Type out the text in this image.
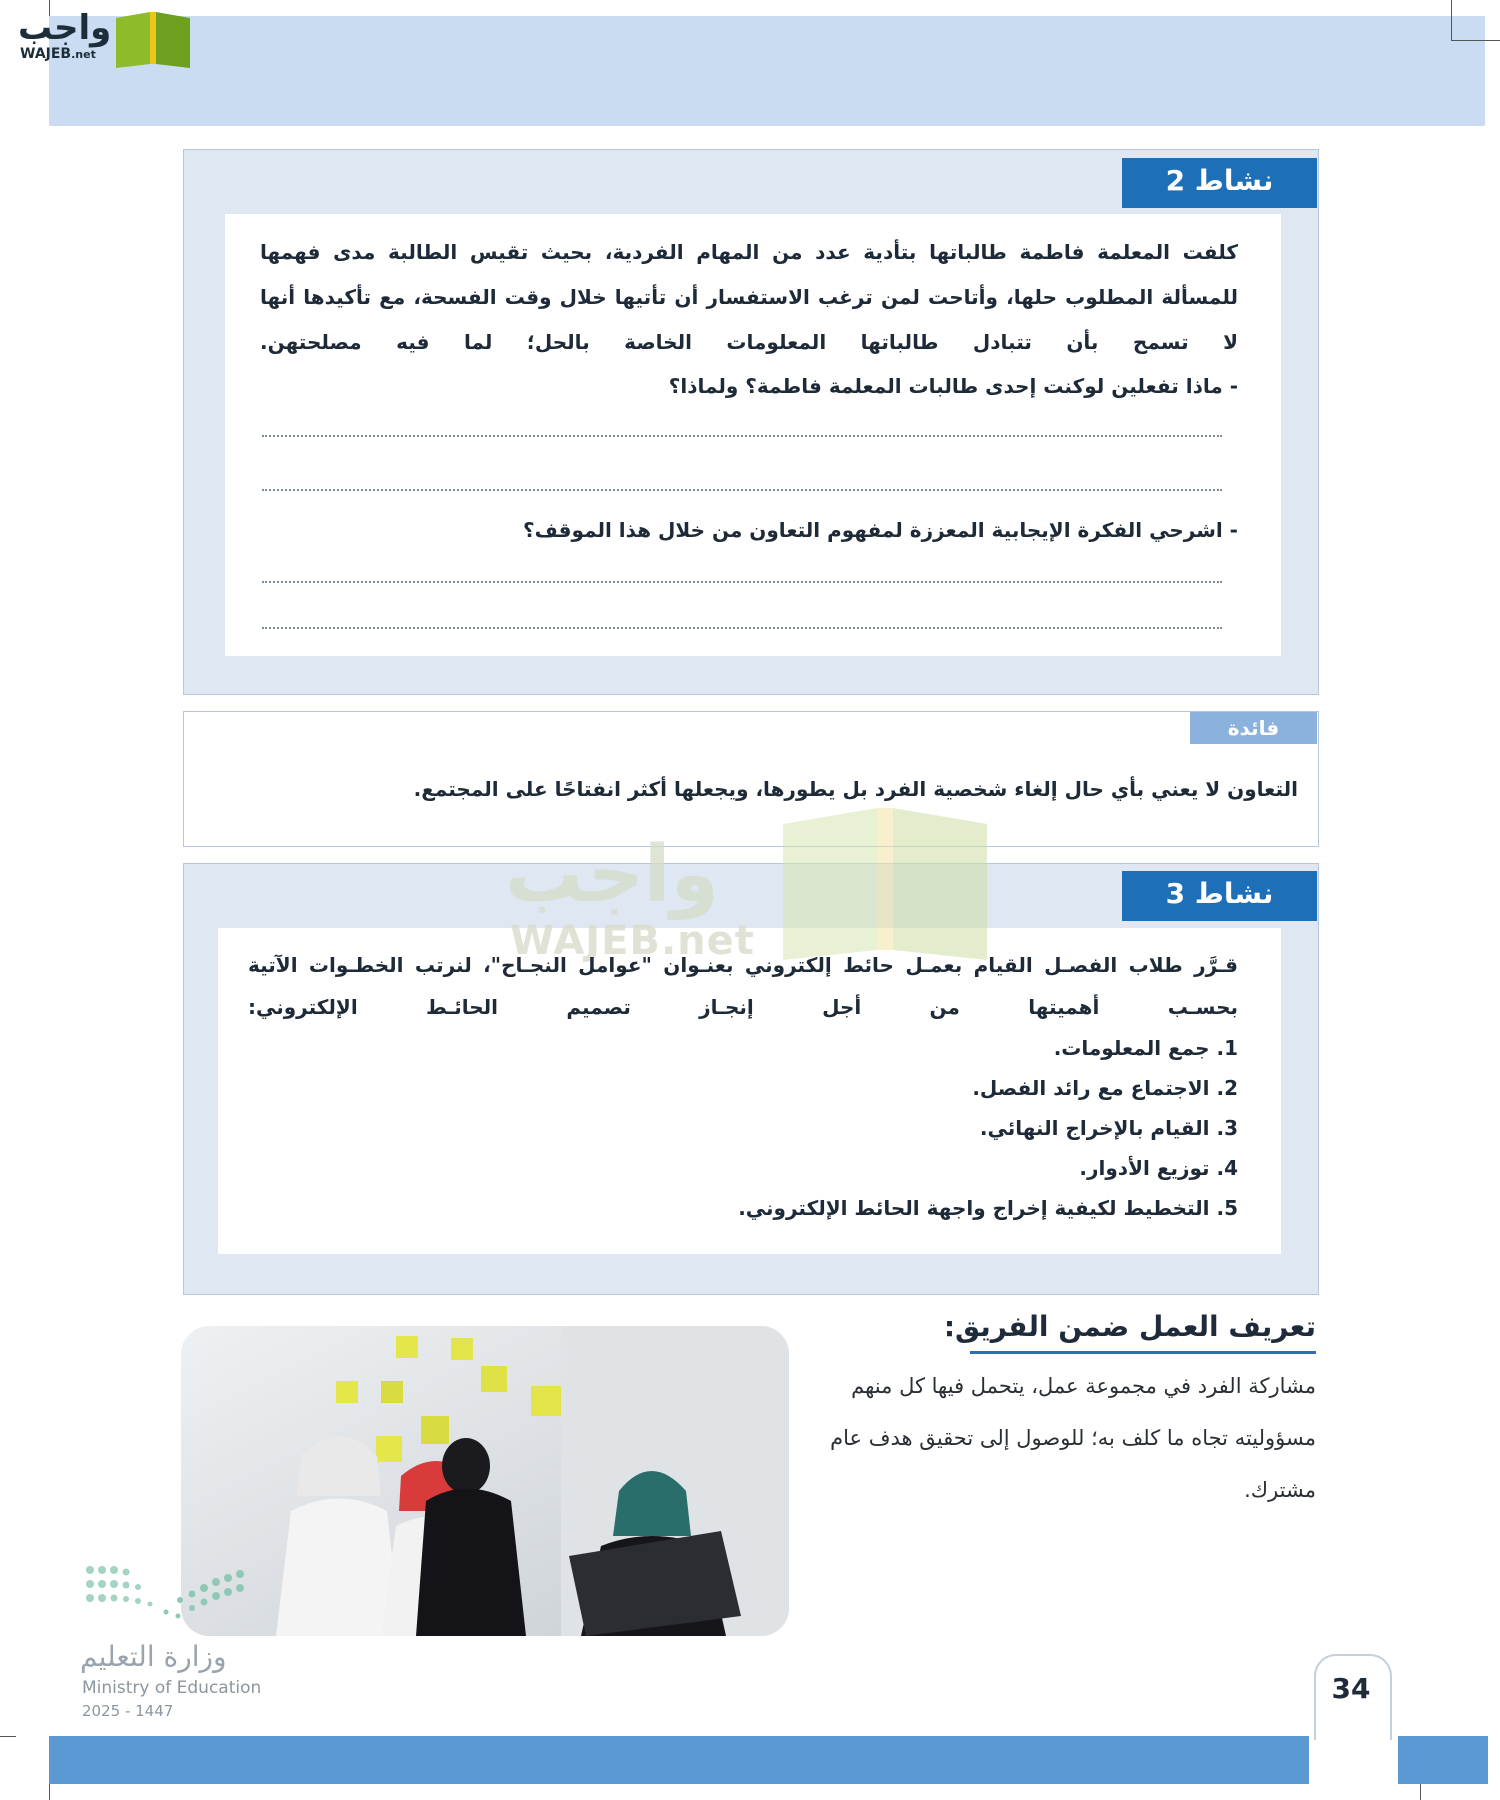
واجب
WAJEB.net
نشاط 2
كلفت المعلمة فاطمة طالباتها بتأدية عدد من المهام الفردية، بحيث تقيس الطالبة مدى فهمها للمسألة المطلوب حلها، وأتاحت لمن ترغب الاستفسار أن تأتيها خلال وقت الفسحة، مع تأكيدها أنها لا تسمح بأن تتبادل طالباتها المعلومات الخاصة بالحل؛ لما فيه مصلحتهن.
- ماذا تفعلين لوكنت إحدى طالبات المعلمة فاطمة؟ ولماذا؟
- اشرحي الفكرة الإيجابية المعززة لمفهوم التعاون من خلال هذا الموقف؟
فائدة
التعاون لا يعني بأي حال إلغاء شخصية الفرد بل يطورها، ويجعلها أكثر انفتاحًا على المجتمع.
واجب
WAJEB.net
نشاط 3
قـرَّر طلاب الفصـل القيام بعمـل حائط إلكتروني بعنـوان "عوامل النجـاح"، لنرتب الخطـوات الآتية بحسـب أهميتها من أجل إنجـاز تصميم الحائـط الإلكتروني:
1. جمع المعلومات.
2. الاجتماع مع رائد الفصل.
3. القيام بالإخراج النهائي.
4. توزيع الأدوار.
5. التخطيط لكيفية إخراج واجهة الحائط الإلكتروني.
تعريف العمل ضمن الفريق:
مشاركة الفرد في مجموعة عمل، يتحمل فيها كل منهم مسؤوليته تجاه ما كلف به؛ للوصول إلى تحقيق هدف عام مشترك.
وزارة التعليم
Ministry of Education
2025 - 1447
34
